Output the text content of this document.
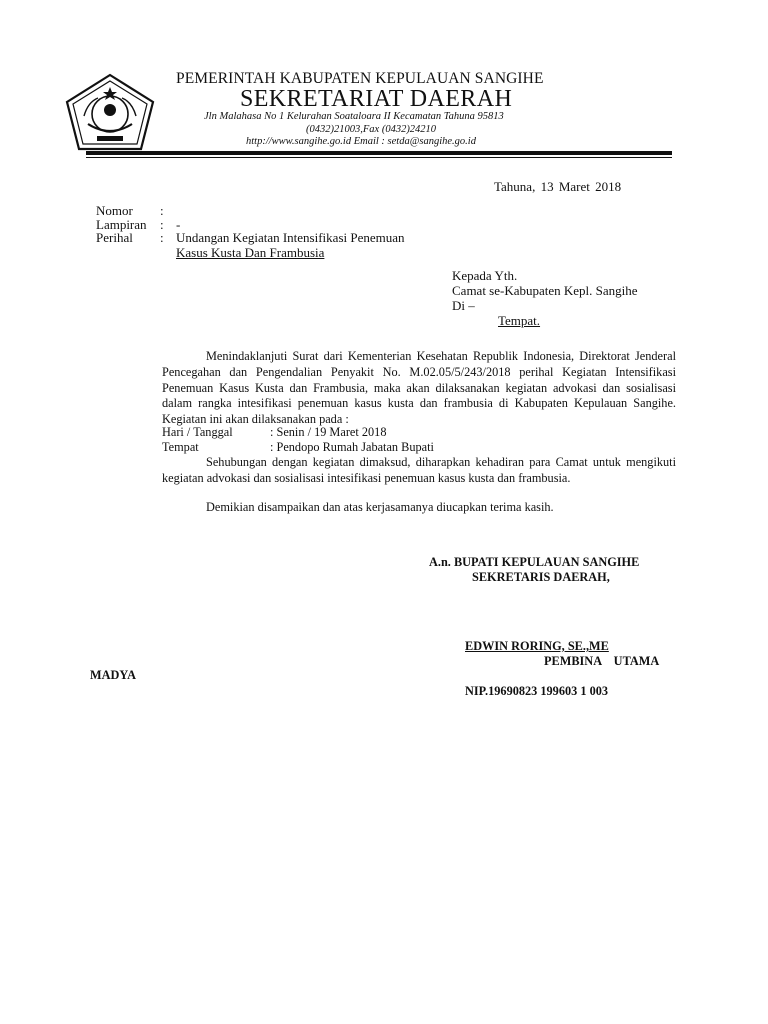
PEMERINTAH KABUPATEN KEPULAUAN SANGIHE
SEKRETARIAT DAERAH
Jln Malahasa No 1 Kelurahan Soataloara II Kecamatan Tahuna 95813
(0432)21003,Fax (0432)24210
http://www.sangihe.go.id Email : setda@sangihe.go.id
Tahuna, 13 Maret 2018
Nomor :
Lampiran : -
Perihal : Undangan Kegiatan Intensifikasi Penemuan
Kasus Kusta Dan Frambusia
Kepada Yth.
Camat se-Kabupaten Kepl. Sangihe
Di –
Tempat.
Menindaklanjuti Surat dari Kementerian Kesehatan Republik Indonesia, Direktorat Jenderal Pencegahan dan Pengendalian Penyakit No. M.02.05/5/243/2018 perihal Kegiatan Intensifikasi Penemuan Kasus Kusta dan Frambusia, maka akan dilaksanakan kegiatan advokasi dan sosialisasi dalam rangka intesifikasi penemuan kasus kusta dan frambusia di Kabupaten Kepulauan Sangihe. Kegiatan ini akan dilaksanakan pada :
Hari / Tanggal	: Senin / 19 Maret 2018
Tempat	: Pendopo Rumah Jabatan Bupati
Sehubungan dengan kegiatan dimaksud, diharapkan kehadiran para Camat untuk mengikuti kegiatan advokasi dan sosialisasi intesifikasi penemuan kasus kusta dan frambusia.
Demikian disampaikan dan atas kerjasamanya diucapkan terima kasih.
A.n. BUPATI KEPULAUAN SANGIHE
SEKRETARIS DAERAH,
EDWIN RORING, SE.,ME
PEMBINA    UTAMA
MADYA
NIP.19690823 199603 1 003
